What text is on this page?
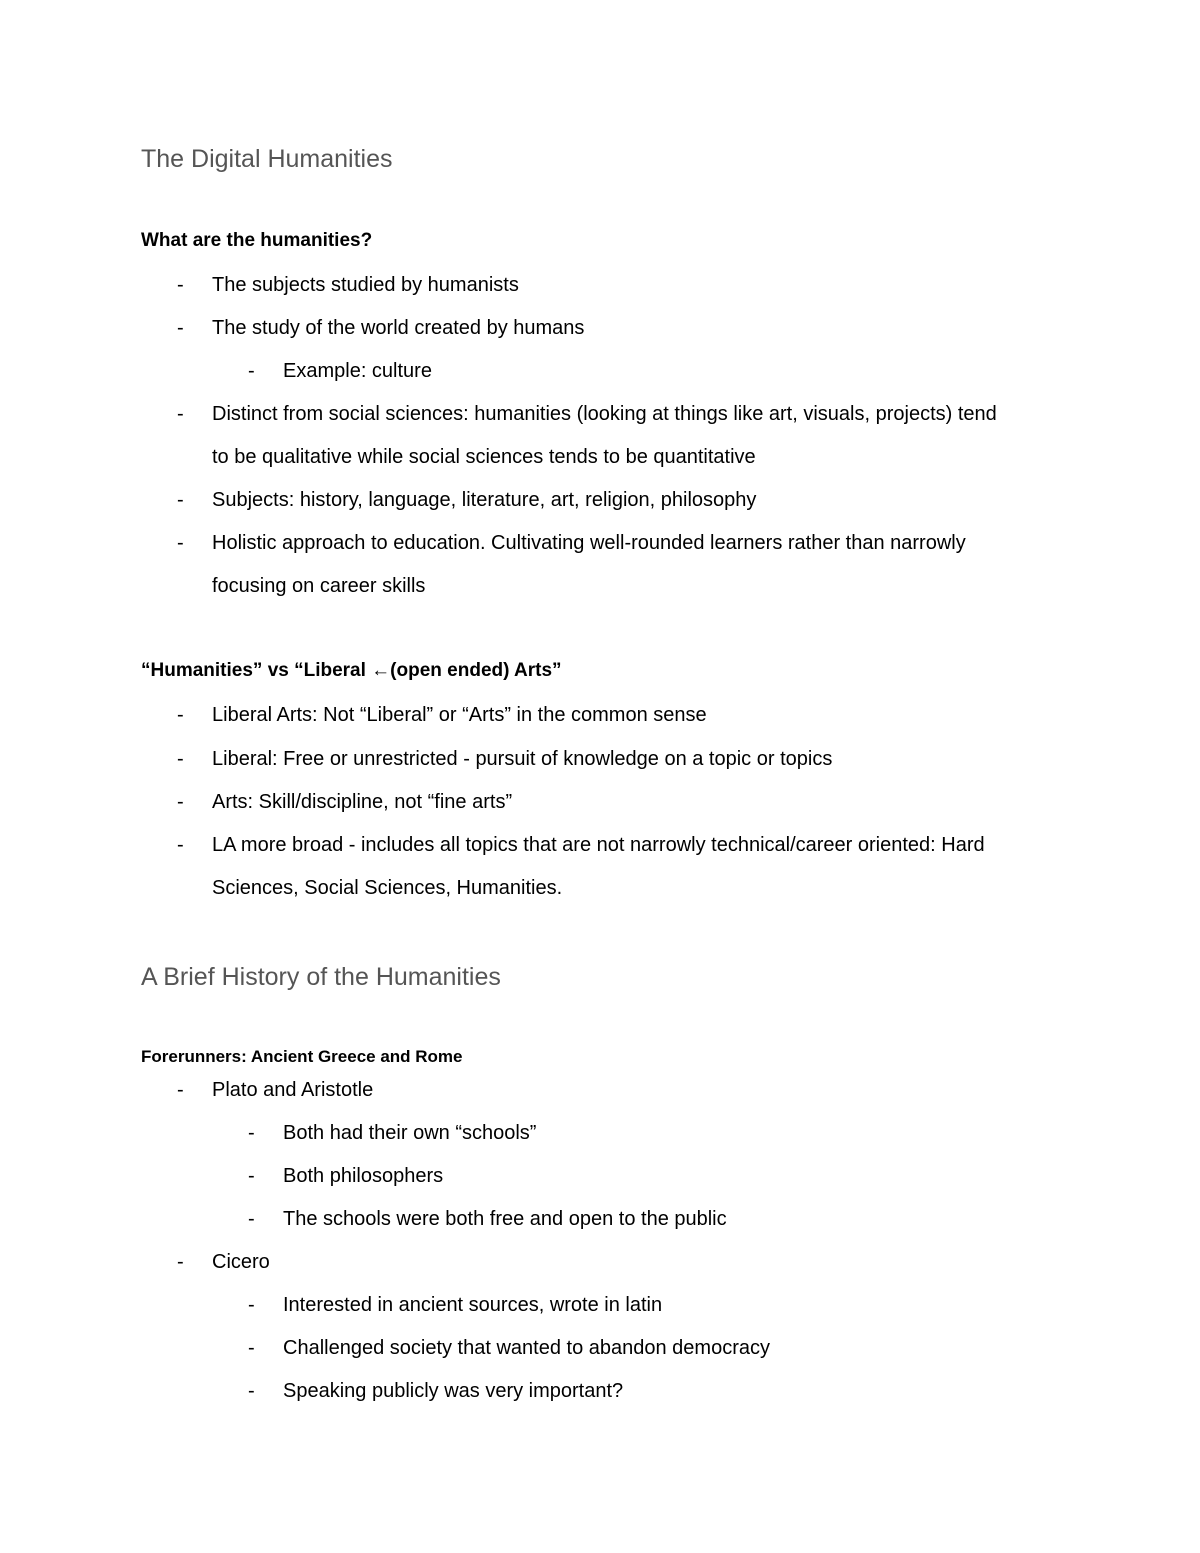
The Digital Humanities
What are the humanities?
- The subjects studied by humanists
- The study of the world created by humans
- Example: culture
- Distinct from social sciences: humanities (looking at things like art, visuals, projects) tend
to be qualitative while social sciences tends to be quantitative
- Subjects: history, language, literature, art, religion, philosophy
- Holistic approach to education. Cultivating well-rounded learners rather than narrowly
focusing on career skills
“Humanities” vs “Liberal ←(open ended) Arts”
- Liberal Arts: Not “Liberal” or “Arts” in the common sense
- Liberal: Free or unrestricted - pursuit of knowledge on a topic or topics
- Arts: Skill/discipline, not “fine arts”
- LA more broad - includes all topics that are not narrowly technical/career oriented: Hard
Sciences, Social Sciences, Humanities.
A Brief History of the Humanities
Forerunners: Ancient Greece and Rome
- Plato and Aristotle
- Both had their own “schools”
- Both philosophers
- The schools were both free and open to the public
- Cicero
- Interested in ancient sources, wrote in latin
- Challenged society that wanted to abandon democracy
- Speaking publicly was very important?
